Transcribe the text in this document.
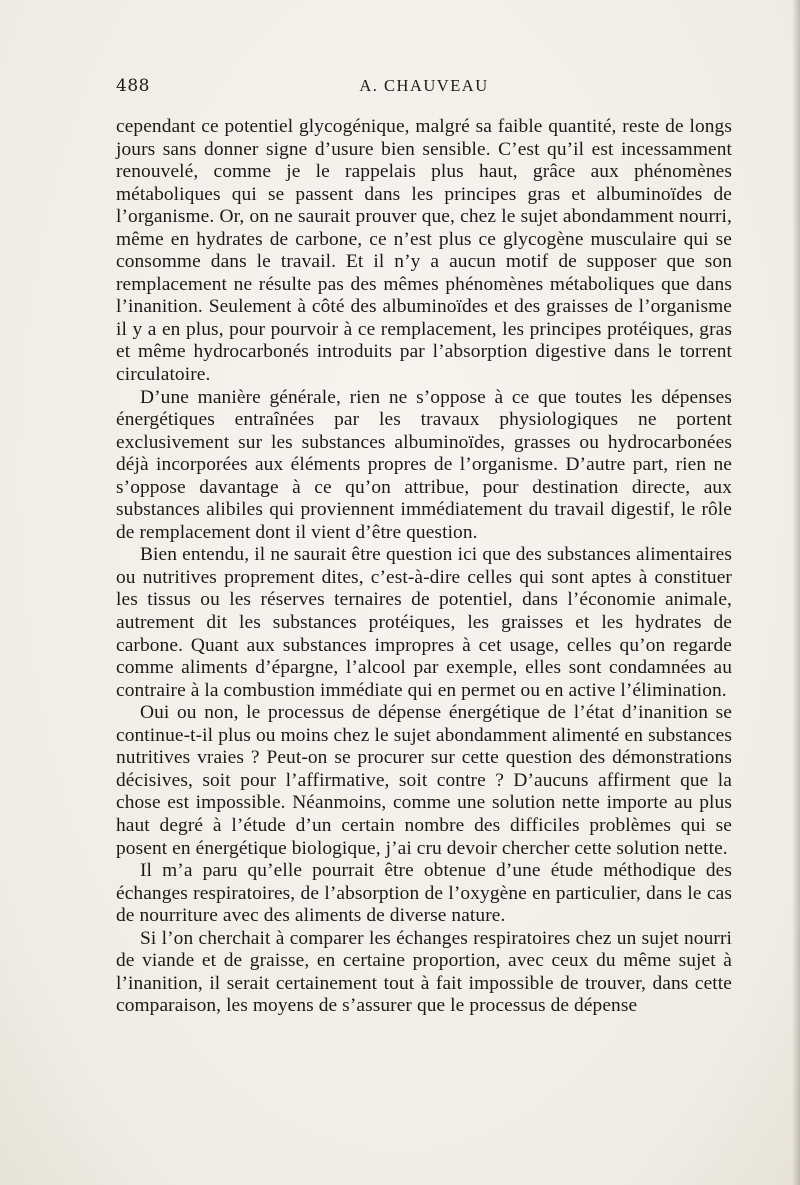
488	A. CHAUVEAU

cependant ce potentiel glycogénique, malgré sa faible quantité, reste de longs jours sans donner signe d’usure bien sensible. C’est qu’il est incessamment renouvelé, comme je le rappelais plus haut, grâce aux phénomènes métaboliques qui se passent dans les principes gras et albuminoïdes de l’organisme. Or, on ne saurait prouver que, chez le sujet abondamment nourri, même en hydrates de carbone, ce n’est plus ce glycogène musculaire qui se consomme dans le travail. Et il n’y a aucun motif de supposer que son remplacement ne résulte pas des mêmes phénomènes métaboliques que dans l’inanition. Seulement à côté des albuminoïdes et des graisses de l’organisme il y a en plus, pour pourvoir à ce remplacement, les principes protéiques, gras et même hydrocarbonés introduits par l’absorption digestive dans le torrent circulatoire.

D’une manière générale, rien ne s’oppose à ce que toutes les dépenses énergétiques entraînées par les travaux physiologiques ne portent exclusivement sur les substances albuminoïdes, grasses ou hydrocarbonées déjà incorporées aux éléments propres de l’organisme. D’autre part, rien ne s’oppose davantage à ce qu’on attribue, pour destination directe, aux substances alibiles qui proviennent immédiatement du travail digestif, le rôle de remplacement dont il vient d’être question.

Bien entendu, il ne saurait être question ici que des substances alimentaires ou nutritives proprement dites, c’est-à-dire celles qui sont aptes à constituer les tissus ou les réserves ternaires de potentiel, dans l’économie animale, autrement dit les substances protéiques, les graisses et les hydrates de carbone. Quant aux substances impropres à cet usage, celles qu’on regarde comme aliments d’épargne, l’alcool par exemple, elles sont condamnées au contraire à la combustion immédiate qui en permet ou en active l’élimination.

Oui ou non, le processus de dépense énergétique de l’état d’inanition se continue-t-il plus ou moins chez le sujet abondamment alimenté en substances nutritives vraies ? Peut-on se procurer sur cette question des démonstrations décisives, soit pour l’affirmative, soit contre ? D’aucuns affirment que la chose est impossible. Néanmoins, comme une solution nette importe au plus haut degré à l’étude d’un certain nombre des difficiles problèmes qui se posent en énergétique biologique, j’ai cru devoir chercher cette solution nette.

Il m’a paru qu’elle pourrait être obtenue d’une étude méthodique des échanges respiratoires, de l’absorption de l’oxygène en particulier, dans le cas de nourriture avec des aliments de diverse nature.

Si l’on cherchait à comparer les échanges respiratoires chez un sujet nourri de viande et de graisse, en certaine proportion, avec ceux du même sujet à l’inanition, il serait certainement tout à fait impossible de trouver, dans cette comparaison, les moyens de s’assurer que le processus de dépense
